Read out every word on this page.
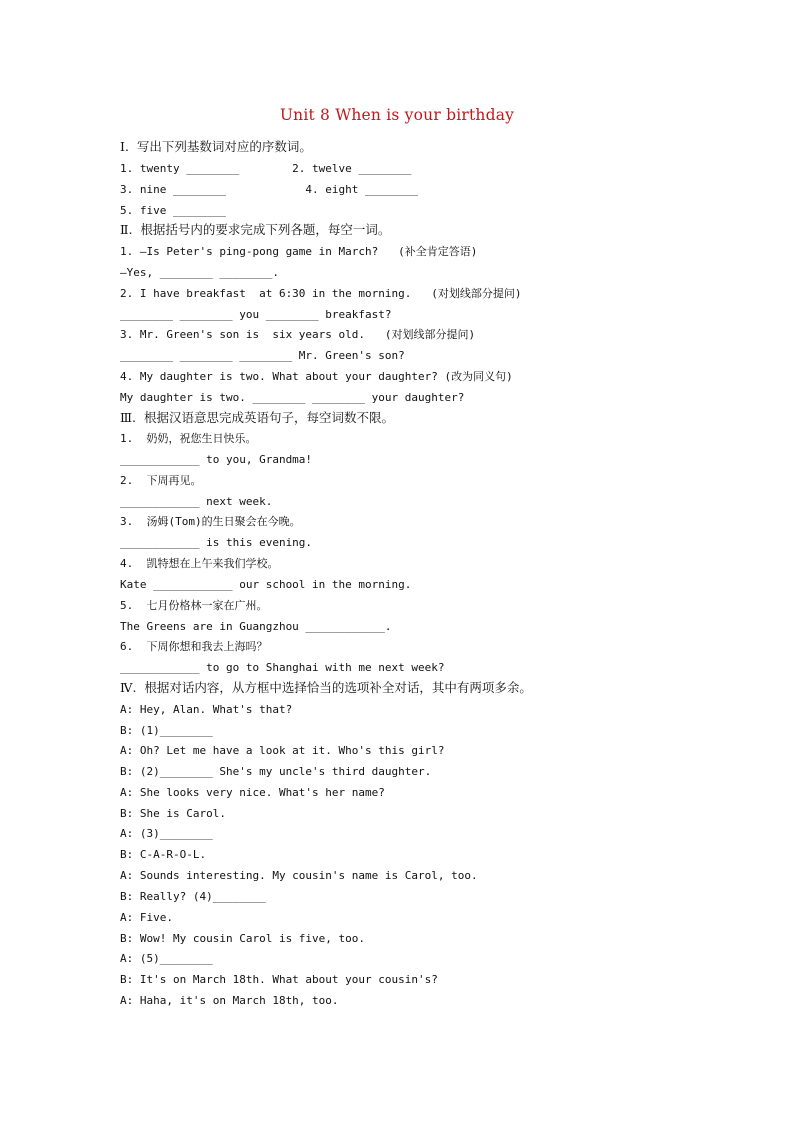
Unit 8 When is your birthday
Ⅰ.  写出下列基数词对应的序数词。
1. twenty ________        2. twelve ________
3. nine ________            4. eight ________
5. five ________
Ⅱ.  根据括号内的要求完成下列各题，每空一词。
1. —Is Peter's ping-pong game in March?   (补全肯定答语)
—Yes, ________ ________.
2. I have breakfast  at 6:30 in the morning.   (对划线部分提问)
________ ________ you ________ breakfast?
3. Mr. Green's son is  six years old.   (对划线部分提问)
________ ________ ________ Mr. Green's son?
4. My daughter is two. What about your daughter? (改为同义句)
My daughter is two. ________ ________ your daughter?
Ⅲ.  根据汉语意思完成英语句子，每空词数不限。
1.  奶奶，祝您生日快乐。
____________ to you, Grandma!
2.  下周再见。
____________ next week.
3.  汤姆(Tom)的生日聚会在今晚。
____________ is this evening.
4.  凯特想在上午来我们学校。
Kate ____________ our school in the morning.
5.  七月份格林一家在广州。
The Greens are in Guangzhou ____________.
6.  下周你想和我去上海吗？
____________ to go to Shanghai with me next week?
Ⅳ.  根据对话内容，从方框中选择恰当的选项补全对话，其中有两项多余。
A: Hey, Alan. What's that?
B: (1)________
A: Oh? Let me have a look at it. Who's this girl?
B: (2)________ She's my uncle's third daughter.
A: She looks very nice. What's her name?
B: She is Carol.
A: (3)________
B: C-A-R-O-L.
A: Sounds interesting. My cousin's name is Carol, too.
B: Really? (4)________
A: Five.
B: Wow! My cousin Carol is five, too.
A: (5)________
B: It's on March 18th. What about your cousin's?
A: Haha, it's on March 18th, too.
